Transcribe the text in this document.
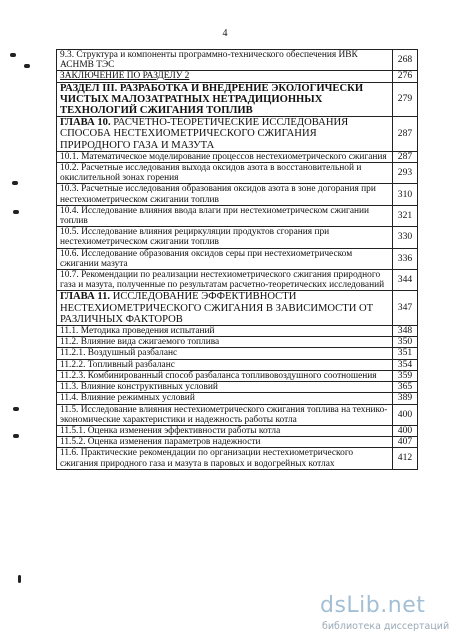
4
9.3. Структура и компоненты программно-технического обеспечения ИВК АСНМВ ТЭС	268
ЗАКЛЮЧЕНИЕ ПО РАЗДЕЛУ 2	276
РАЗДЕЛ III. РАЗРАБОТКА И ВНЕДРЕНИЕ ЭКОЛОГИЧЕСКИ ЧИСТЫХ МАЛОЗАТРАТНЫХ НЕТРАДИЦИОННЫХ ТЕХНОЛОГИЙ СЖИГАНИЯ ТОПЛИВ	279
ГЛАВА 10. РАСЧЕТНО-ТЕОРЕТИЧЕСКИЕ ИССЛЕДОВАНИЯ СПОСОБА НЕСТЕХИОМЕТРИЧЕСКОГО СЖИГАНИЯ ПРИРОДНОГО ГАЗА И МАЗУТА	287
10.1. Математическое моделирование процессов нестехиометрического сжигания	287
10.2. Расчетные исследования выхода оксидов азота в восстановительной и окислительной зонах горения	293
10.3. Расчетные исследования образования оксидов азота в зоне догорания при нестехиометрическом сжигании топлив	310
10.4. Исследование влияния ввода влаги при нестехиометрическом сжигании топлив	321
10.5. Исследование влияния рециркуляции продуктов сгорания при нестехиометрическом сжигании топлив	330
10.6. Исследование образования оксидов серы при нестехиометрическом сжигании мазута	336
10.7. Рекомендации по реализации нестехиометрического сжигания природного газа и мазута, полученные по результатам расчетно-теоретических исследований	344
ГЛАВА 11. ИССЛЕДОВАНИЕ ЭФФЕКТИВНОСТИ НЕСТЕХИОМЕТРИЧЕСКОГО СЖИГАНИЯ В ЗАВИСИМОСТИ ОТ РАЗЛИЧНЫХ ФАКТОРОВ	347
11.1. Методика проведения испытаний	348
11.2. Влияние вида сжигаемого топлива	350
11.2.1. Воздушный разбаланс	351
11.2.2. Топливный разбаланс	354
11.2.3. Комбинированный способ разбаланса топливовоздушного соотношения	359
11.3. Влияние конструктивных условий	365
11.4. Влияние режимных условий	389
11.5. Исследование влияния нестехиометрического сжигания топлива на технико-экономические характеристики и надежность работы котла	400
11.5.1. Оценка изменения эффективности работы котла	400
11.5.2. Оценка изменения параметров надежности	407
11.6. Практические рекомендации по организации нестехиометрического сжигания природного газа и мазута в паровых и водогрейных котлах	412
dsLib.net
библиотека диссертаций
